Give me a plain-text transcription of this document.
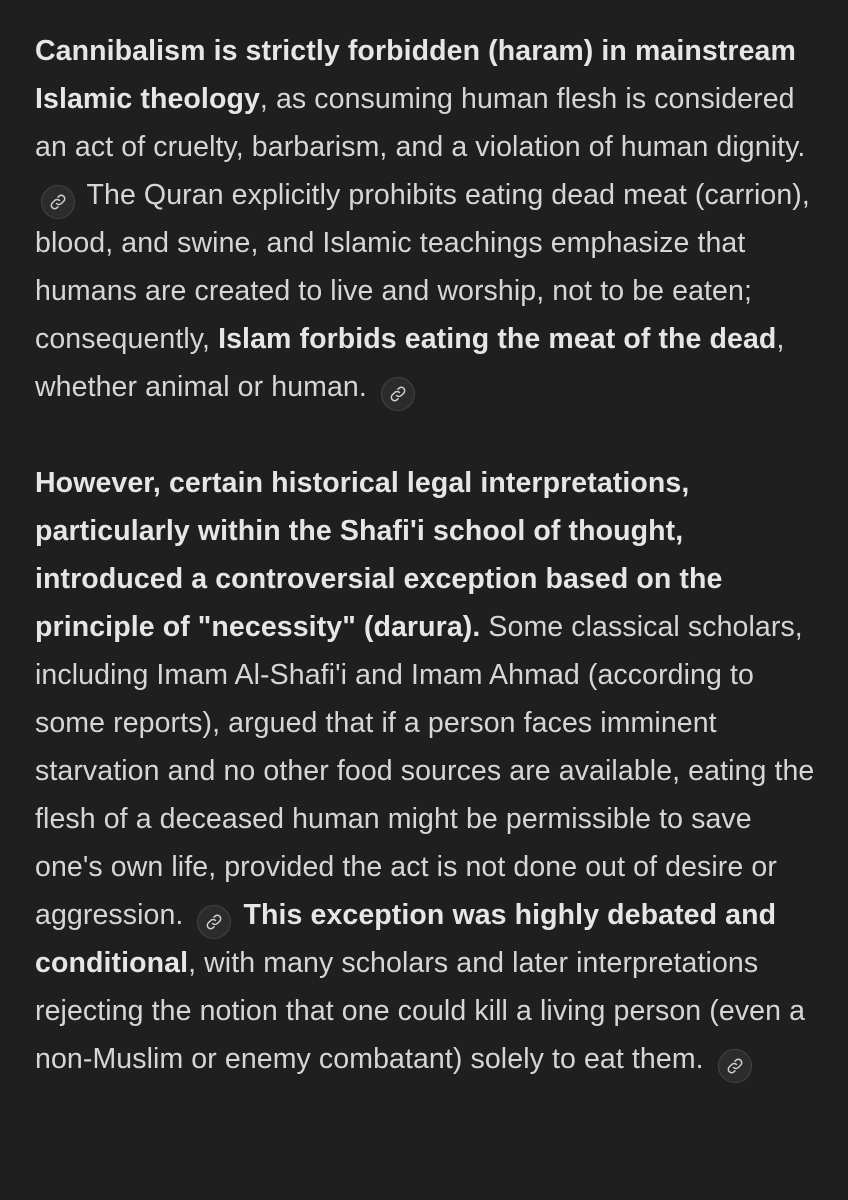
Cannibalism is strictly forbidden (haram) in mainstream Islamic theology, as consuming human flesh is considered an act of cruelty, barbarism, and a violation of human dignity.
The Quran explicitly prohibits eating dead meat (carrion), blood, and swine, and Islamic teachings emphasize that humans are created to live and worship, not to be eaten; consequently, Islam forbids eating the meat of the dead, whether animal or human.

However, certain historical legal interpretations, particularly within the Shafi'i school of thought, introduced a controversial exception based on the principle of "necessity" (darura). Some classical scholars, including Imam Al-Shafi'i and Imam Ahmad (according to some reports), argued that if a person faces imminent starvation and no other food sources are available, eating the flesh of a deceased human might be permissible to save one's own life, provided the act is not done out of desire or aggression.
This exception was highly debated and conditional, with many scholars and later interpretations rejecting the notion that one could kill a living person (even a non-Muslim or enemy combatant) solely to eat them.
